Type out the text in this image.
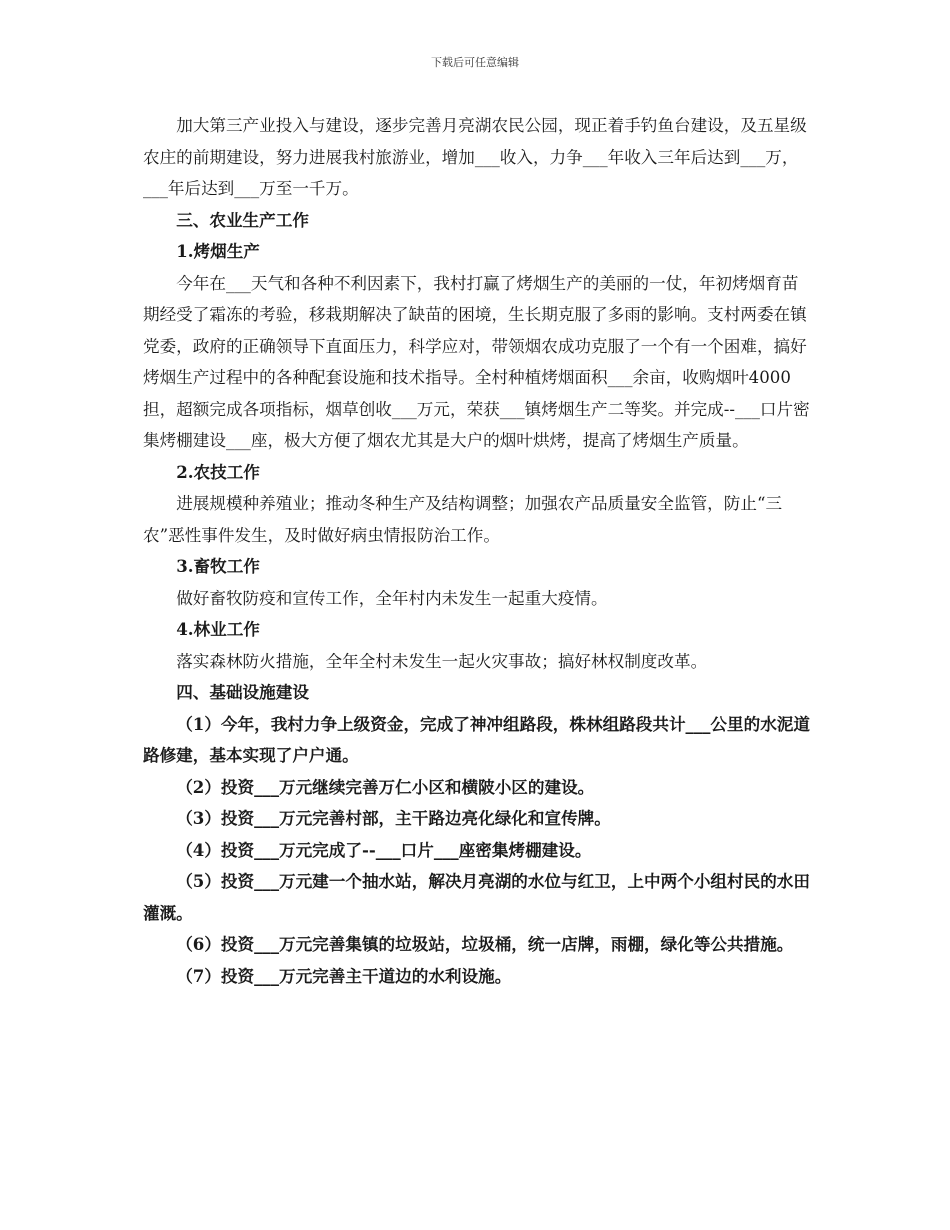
下载后可任意编辑

加大第三产业投入与建设，逐步完善月亮湖农民公园，现正着手钓鱼台建设，及五星级农庄的前期建设，努力进展我村旅游业，增加___收入，力争___年收入三年后达到___万，___年后达到___万至一千万。

三、农业生产工作

1.烤烟生产

今年在___天气和各种不利因素下，我村打赢了烤烟生产的美丽的一仗，年初烤烟育苗期经受了霜冻的考验，移栽期解决了缺苗的困境，生长期克服了多雨的影响。支村两委在镇党委，政府的正确领导下直面压力，科学应对，带领烟农成功克服了一个有一个困难，搞好烤烟生产过程中的各种配套设施和技术指导。全村种植烤烟面积___余亩，收购烟叶4000担，超额完成各项指标，烟草创收___万元，荣获___镇烤烟生产二等奖。并完成--___口片密集烤棚建设___座，极大方便了烟农尤其是大户的烟叶烘烤，提高了烤烟生产质量。

2.农技工作

进展规模种养殖业；推动冬种生产及结构调整；加强农产品质量安全监管，防止“三农”恶性事件发生，及时做好病虫情报防治工作。

3.畜牧工作

做好畜牧防疫和宣传工作，全年村内未发生一起重大疫情。

4.林业工作

落实森林防火措施，全年全村未发生一起火灾事故；搞好林权制度改革。

四、基础设施建设

（1）今年，我村力争上级资金，完成了神冲组路段，株林组路段共计___公里的水泥道路修建，基本实现了户户通。

（2）投资___万元继续完善万仁小区和横陂小区的建设。

（3）投资___万元完善村部，主干路边亮化绿化和宣传牌。

（4）投资___万元完成了--___口片___座密集烤棚建设。

（5）投资___万元建一个抽水站，解决月亮湖的水位与红卫，上中两个小组村民的水田灌溉。

（6）投资___万元完善集镇的垃圾站，垃圾桶，统一店牌，雨棚，绿化等公共措施。

（7）投资___万元完善主干道边的水利设施。
